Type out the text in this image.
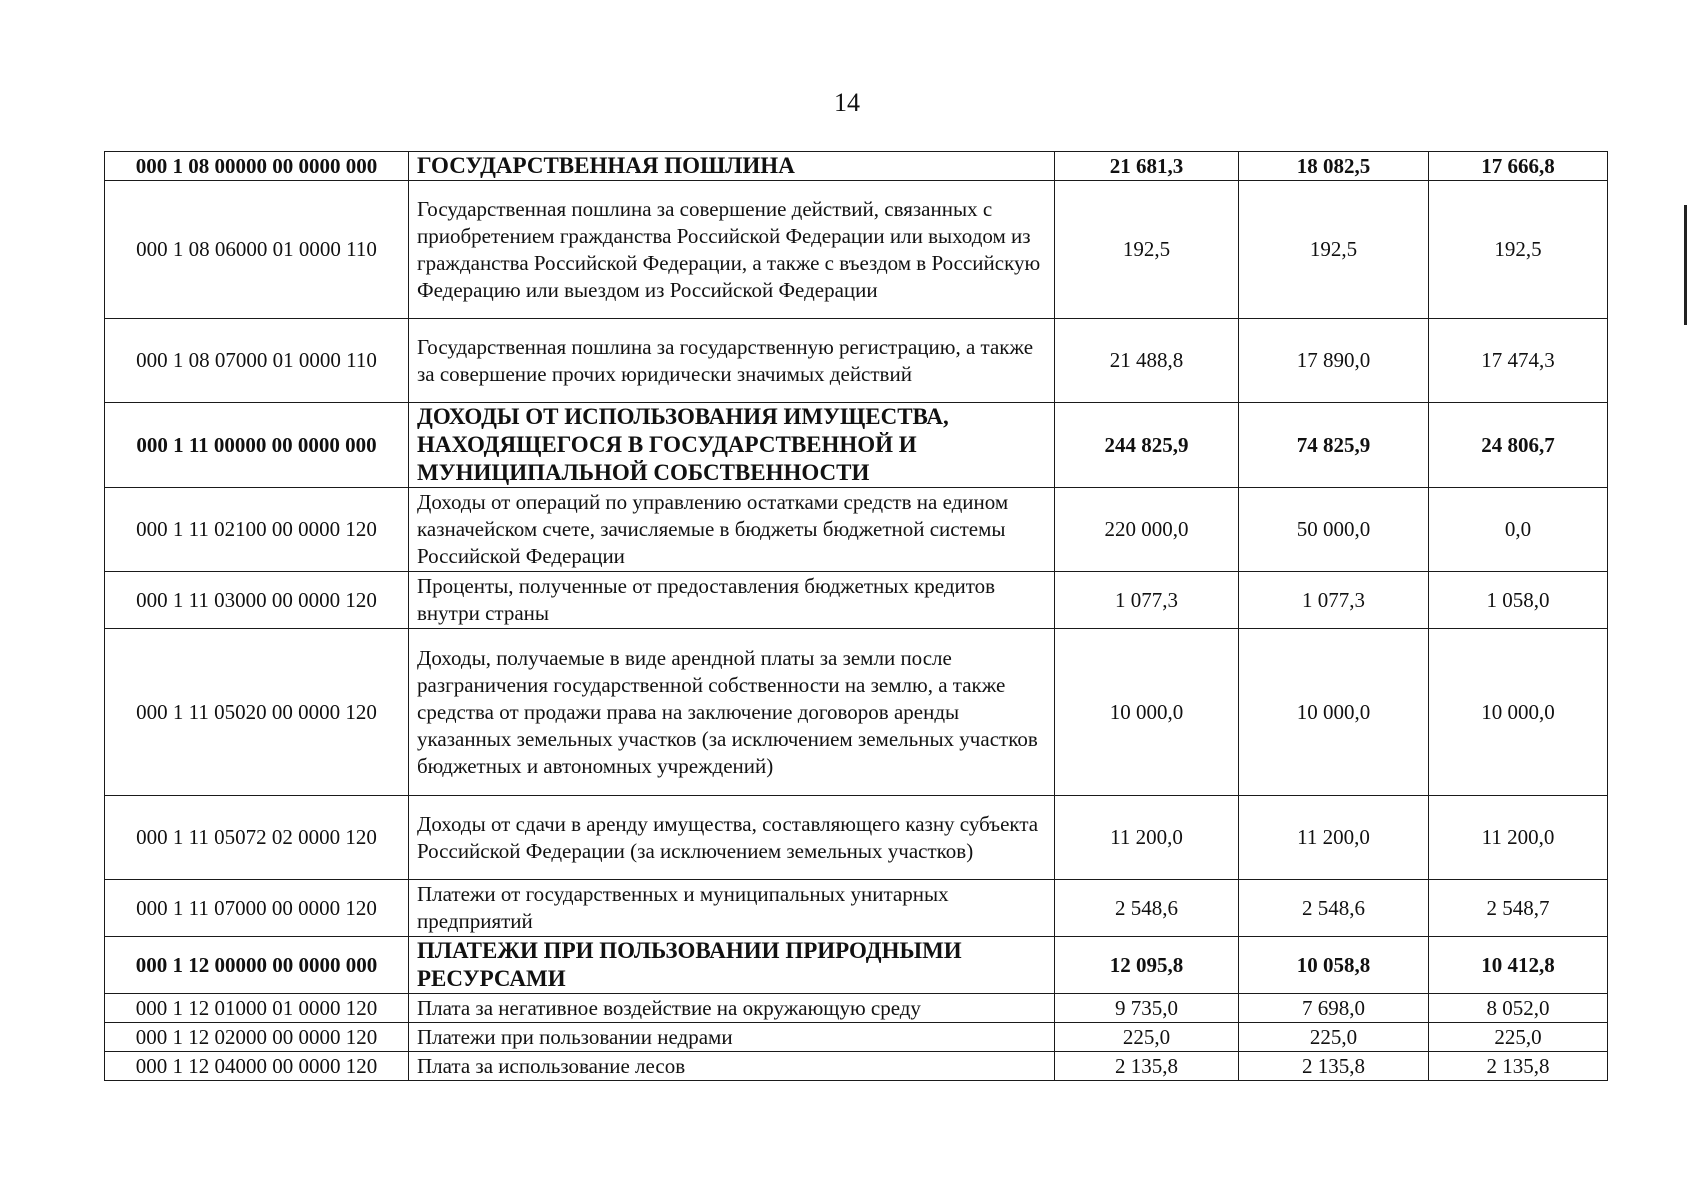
14
000 1 08 00000 00 0000 000	ГОСУДАРСТВЕННАЯ ПОШЛИНА	21 681,3	18 082,5	17 666,8
000 1 08 06000 01 0000 110	Государственная пошлина за совершение действий, связанных с приобретением гражданства Российской Федерации или выходом из гражданства Российской Федерации, а также с въездом в Российскую Федерацию или выездом из Российской Федерации	192,5	192,5	192,5
000 1 08 07000 01 0000 110	Государственная пошлина за государственную регистрацию, а также за совершение прочих юридически значимых действий	21 488,8	17 890,0	17 474,3
000 1 11 00000 00 0000 000	ДОХОДЫ ОТ ИСПОЛЬЗОВАНИЯ ИМУЩЕСТВА, НАХОДЯЩЕГОСЯ В ГОСУДАРСТВЕННОЙ И МУНИЦИПАЛЬНОЙ СОБСТВЕННОСТИ	244 825,9	74 825,9	24 806,7
000 1 11 02100 00 0000 120	Доходы от операций по управлению остатками средств на едином казначейском счете, зачисляемые в бюджеты бюджетной системы Российской Федерации	220 000,0	50 000,0	0,0
000 1 11 03000 00 0000 120	Проценты, полученные от предоставления бюджетных кредитов внутри страны	1 077,3	1 077,3	1 058,0
000 1 11 05020 00 0000 120	Доходы, получаемые в виде арендной платы за земли после разграничения государственной собственности на землю, а также средства от продажи права на заключение договоров аренды указанных земельных участков (за исключением земельных участков бюджетных и автономных учреждений)	10 000,0	10 000,0	10 000,0
000 1 11 05072 02 0000 120	Доходы от сдачи в аренду имущества, составляющего казну субъекта Российской Федерации (за исключением земельных участков)	11 200,0	11 200,0	11 200,0
000 1 11 07000 00 0000 120	Платежи от государственных и муниципальных унитарных предприятий	2 548,6	2 548,6	2 548,7
000 1 12 00000 00 0000 000	ПЛАТЕЖИ ПРИ ПОЛЬЗОВАНИИ ПРИРОДНЫМИ РЕСУРСАМИ	12 095,8	10 058,8	10 412,8
000 1 12 01000 01 0000 120	Плата за негативное воздействие на окружающую среду	9 735,0	7 698,0	8 052,0
000 1 12 02000 00 0000 120	Платежи при пользовании недрами	225,0	225,0	225,0
000 1 12 04000 00 0000 120	Плата за использование лесов	2 135,8	2 135,8	2 135,8
